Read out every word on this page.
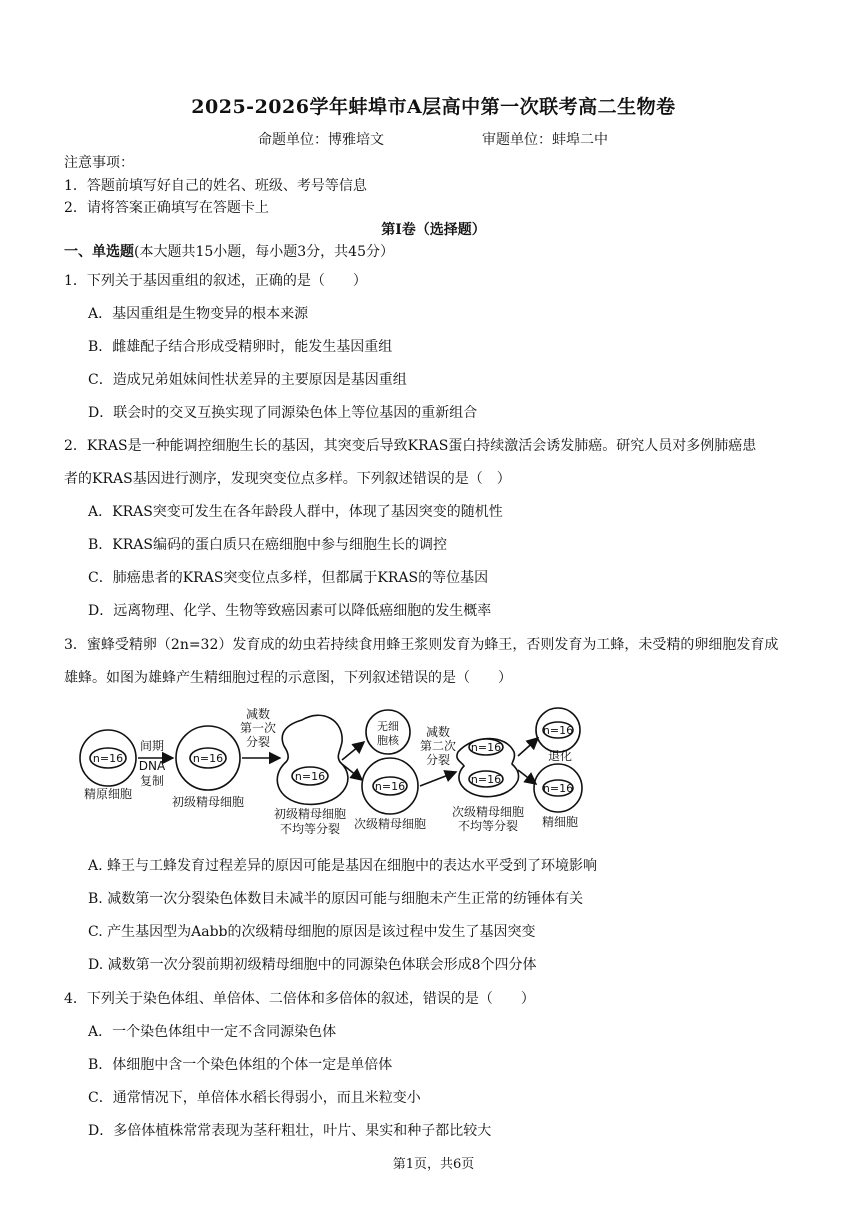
2025-2026学年蚌埠市A层高中第一次联考高二生物卷
命题单位：博雅培文	审题单位：蚌埠二中
注意事项：
1．答题前填写好自己的姓名、班级、考号等信息
2．请将答案正确填写在答题卡上
第Ⅰ卷（选择题）
一、单选题(本大题共15小题，每小题3分，共45分）
1．下列关于基因重组的叙述，正确的是（　　）
A．基因重组是生物变异的根本来源
B．雌雄配子结合形成受精卵时，能发生基因重组
C．造成兄弟姐妹间性状差异的主要原因是基因重组
D．联会时的交叉互换实现了同源染色体上等位基因的重新组合
2．KRAS是一种能调控细胞生长的基因，其突变后导致KRAS蛋白持续激活会诱发肺癌。研究人员对多例肺癌患
者的KRAS基因进行测序，发现突变位点多样。下列叙述错误的是（　）
A．KRAS突变可发生在各年龄段人群中，体现了基因突变的随机性
B．KRAS编码的蛋白质只在癌细胞中参与细胞生长的调控
C．肺癌患者的KRAS突变位点多样，但都属于KRAS的等位基因
D．远离物理、化学、生物等致癌因素可以降低癌细胞的发生概率
3．蜜蜂受精卵（2n=32）发育成的幼虫若持续食用蜂王浆则发育为蜂王，否则发育为工蜂，未受精的卵细胞发育成
雄蜂。如图为雄蜂产生精细胞过程的示意图，下列叙述错误的是（　　）
n=16	n=16
n=16
n=16
n=16
n=16
n=16
n=16
间期
DNA
复制
减数
第一次
分裂
无细
胞核
减数
第二次
分裂
精原细胞
初级精母细胞
初级精母细胞
不均等分裂 次级精母细胞
次级精母细胞
不均等分裂
退化
精细胞
A. 蜂王与工蜂发育过程差异的原因可能是基因在细胞中的表达水平受到了环境影响
B. 减数第一次分裂染色体数目未减半的原因可能与细胞未产生正常的纺锤体有关
C. 产生基因型为Aabb的次级精母细胞的原因是该过程中发生了基因突变
D. 减数第一次分裂前期初级精母细胞中的同源染色体联会形成8个四分体
4．下列关于染色体组、单倍体、二倍体和多倍体的叙述，错误的是（　　）
A．一个染色体组中一定不含同源染色体
B．体细胞中含一个染色体组的个体一定是单倍体
C．通常情况下，单倍体水稻长得弱小，而且米粒变小
D．多倍体植株常常表现为茎秆粗壮，叶片、果实和种子都比较大
第1页，共6页
